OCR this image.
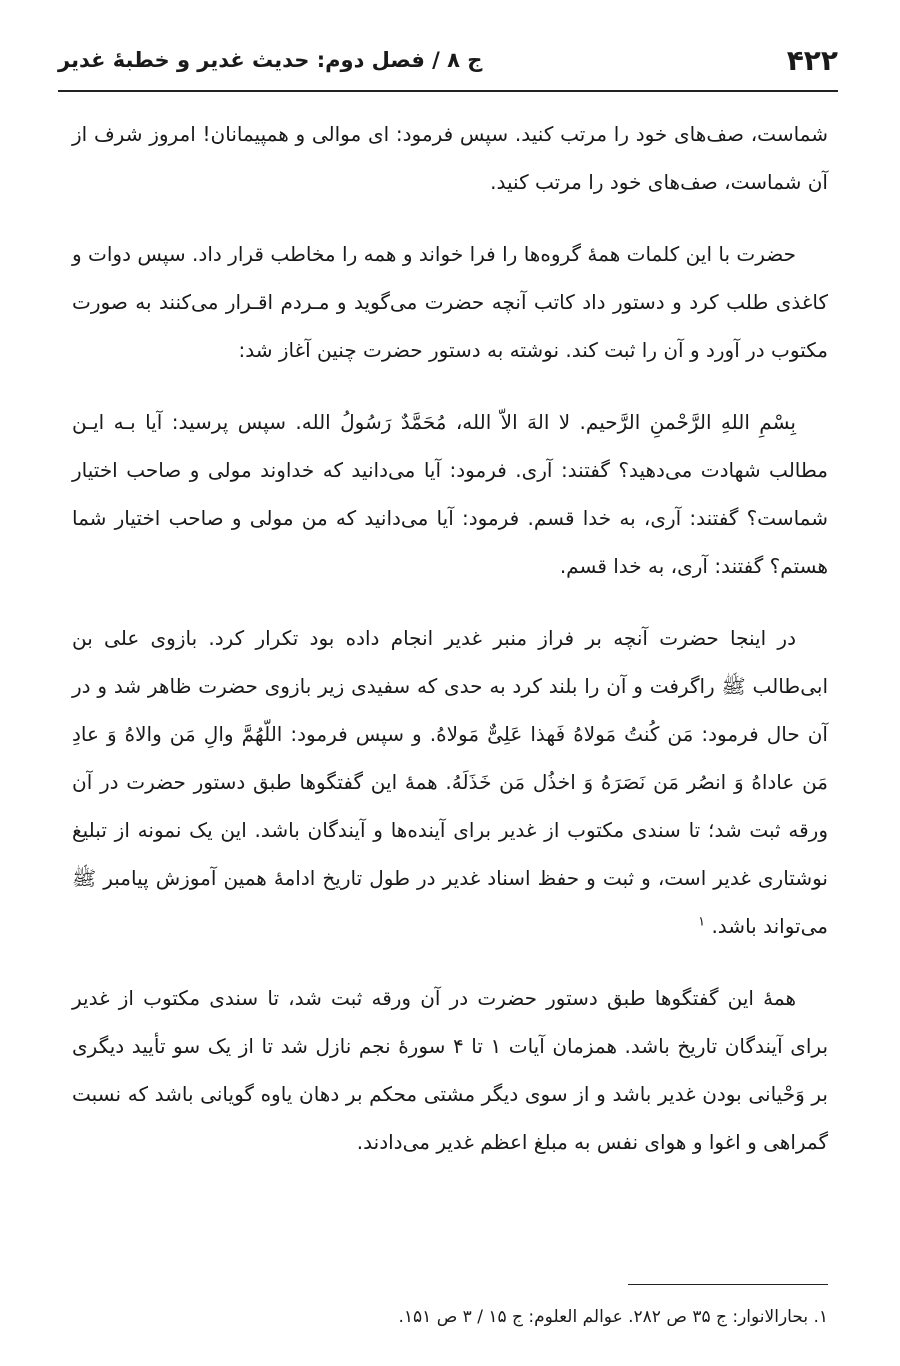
۴۲۲
ج ۸ / فصل دوم: حدیث غدیر و خطبهٔ غدیر

شماست، صف‌های خود را مرتب کنید. سپس فرمود: ای موالی و همپیمانان! امروز شرف از آن شماست، صف‌های خود را مرتب کنید.

حضرت با این کلمات همهٔ گروه‌ها را فرا خواند و همه را مخاطب قرار داد. سپس دوات و کاغذی طلب کرد و دستور داد کاتب آنچه حضرت می‌گوید و مـردم اقـرار می‌کنند به صورت مکتوب در آورد و آن را ثبت کند. نوشته به دستور حضرت چنین آغاز شد:

بِسْمِ اللهِ الرَّحْمنِ الرَّحیم. لا الهَ الاّ الله، مُحَمَّدٌ رَسُولُ الله. سپس پرسید: آیا بـه ایـن مطالب شهادت می‌دهید؟ گفتند: آری. فرمود: آیا می‌دانید که خداوند مولی و صاحب اختیار شماست؟ گفتند: آری، به خدا قسم. فرمود: آیا می‌دانید که من مولی و صاحب اختیار شما هستم؟ گفتند: آری، به خدا قسم.

در اینجا حضرت آنچه بر فراز منبر غدیر انجام داده بود تکرار کرد. بازوی علی بن ابی‌طالب ﷺ راگرفت و آن را بلند کرد به حدی که سفیدی زیر بازوی حضرت ظاهر شد و در آن حال فرمود: مَن کُنتُ مَولاهُ فَهذا عَلِیٌّ مَولاهُ. و سپس فرمود: اللّهُمَّ والِ مَن والاهُ وَ عادِ مَن عاداهُ وَ انصُر مَن نَصَرَهُ وَ اخذُل مَن خَذَلَهُ. همهٔ این گفتگوها طبق دستور حضرت در آن ورقه ثبت شد؛ تا سندی مکتوب از غدیر برای آینده‌ها و آیندگان باشد. این یک نمونه از تبلیغ نوشتاری غدیر است، و ثبت و حفظ اسناد غدیر در طول تاریخ ادامهٔ همین آموزش پیامبر ﷺ می‌تواند باشد. $^۱$

همهٔ این گفتگوها طبق دستور حضرت در آن ورقه ثبت شد، تا سندی مکتوب از غدیر برای آیندگان تاریخ باشد. همزمان آیات ۱ تا ۴ سورهٔ نجم نازل شد تا از یک سو تأیید دیگری بر وَحْیانی بودن غدیر باشد و از سوی دیگر مشتی محکم بر دهان یاوه گویانی باشد که نسبت گمراهی و اغوا و هوای نفس به مبلغ اعظم غدیر می‌دادند.

۱. بحارالانوار: ج ۳۵ ص ۲۸۲. عوالم العلوم: ج ۱۵ / ۳ ص ۱۵۱.
